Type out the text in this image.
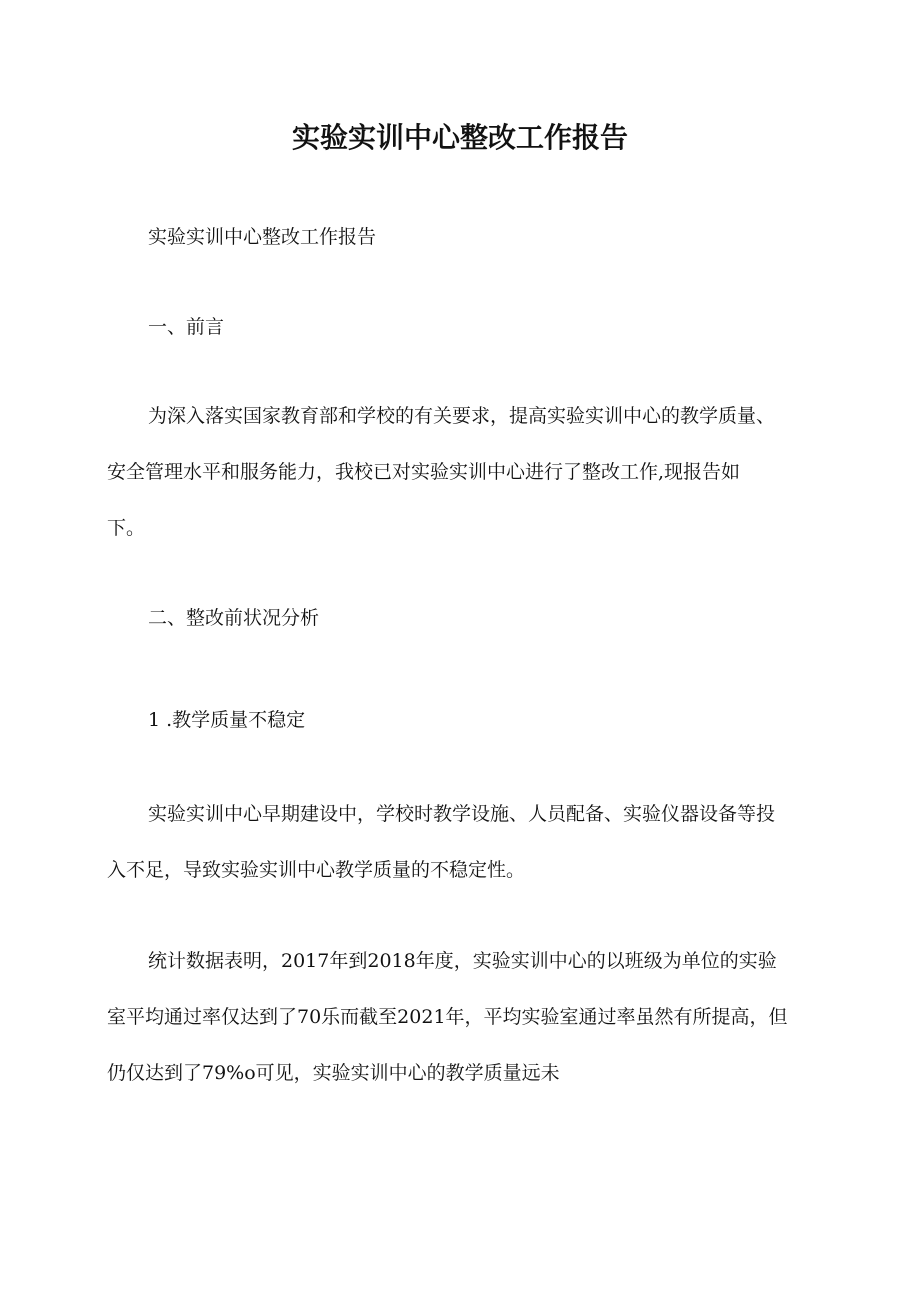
实验实训中心整改工作报告

实验实训中心整改工作报告

一、前言

为深入落实国家教育部和学校的有关要求，提高实验实训中心的教学质量、

安全管理水平和服务能力，我校已对实验实训中心进行了整改工作,现报告如

下。

二、整改前状况分析

1 .教学质量不稳定

实验实训中心早期建设中，学校时教学设施、人员配备、实验仪器设备等投

入不足，导致实验实训中心教学质量的不稳定性。

统计数据表明，2017年到2018年度，实验实训中心的以班级为单位的实验

室平均通过率仅达到了70乐而截至2021年，平均实验室通过率虽然有所提高，但

仍仅达到了79%o可见，实验实训中心的教学质量远未
